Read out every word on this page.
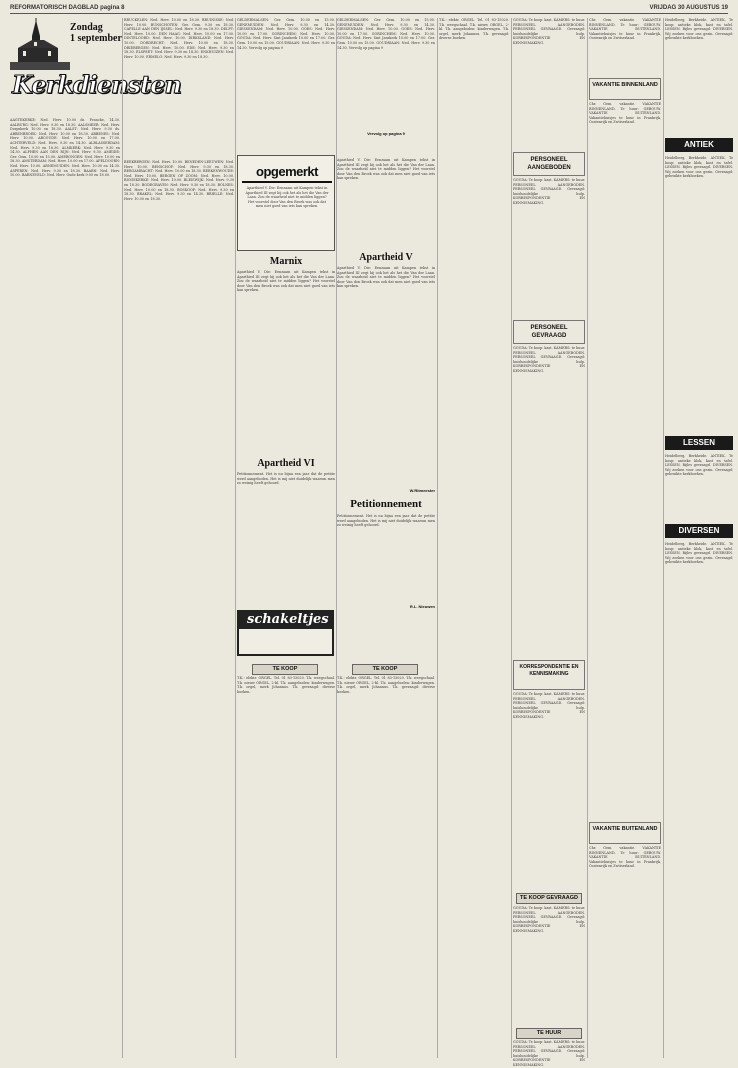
REFORMATORISCH DAGBLAD pagina 8	VRIJDAG 30 AUGUSTUS 19
Zondag
1 september
Kerkdiensten
AAGTEKERKE: Ned. Herv. 10.00 ds. Francke, 14.30. AALBURG: Ned. Herv. 9.30 en 18.30. AALSMEER: Ned. Herv. Dorpskerk 10.00 en 18.30. AALST: Ned. Herv. 9.30 ds. ABBENBROEK: Ned. Herv. 10.00 en 18.30. ABBENES: Ned. Herv. 10.00. ABCOUDE: Ned. Herv. 10.00 en 17.00. ACHTERVELD: Ned. Herv. 9.30 en 14.30. ALBLASSERDAM: Ned. Herv. 9.30 en 18.30. ALMKERK: Ned. Herv. 9.30 en 14.30. ALPHEN AAN DEN RIJN: Ned. Herv. 9.30. AMEIDE: Ger. Gem. 10.00 en 15.00. AMERONGEN: Ned. Herv. 10.00 en 18.30. AMSTERDAM: Ned. Herv. 10.00 en 17.00. APELDOORN: Ned. Herv. 10.00. ARNEMUIDEN: Ned. Herv. 10.00 en 14.30. ASPEREN: Ned. Herv. 9.30 en 18.30. BAARN: Ned. Herv. 10.00. BARNEVELD: Ned. Herv. Oude kerk 9.00 en 18.00.
BEEKBERGEN: Ned. Herv. 10.00. BENEDEN-LEEUWEN: Ned. Herv. 10.00. BENSCHOP: Ned. Herv. 9.30 en 18.30. BERGAMBACHT: Ned. Herv. 10.00 en 18.30. BERKENWOUDE: Ned. Herv. 10.00. BERGEN OP ZOOM: Ned. Herv. 10.00. BIGGEKERKE: Ned. Herv. 10.00. BLEISWIJK: Ned. Herv. 9.30 en 18.30. BODEGRAVEN: Ned. Herv. 9.30 en 18.30. BOLNES: Ned. Herv. 10.00 en 18.30. BOSKOOP: Ned. Herv. 9.30 en 18.30. BRAKEL: Ned. Herv. 9.30 en 14.30. BRIELLE: Ned. Herv. 10.00 en 18.30.
BRUCKELEN: Ned. Herv. 10.00 en 18.30. BRUINISSE: Ned. Herv. 10.00. BUNSCHOTEN: Ger. Gem. 9.30 en 18.30. CAPELLE AAN DEN IJSSEL: Ned. Herv. 9.30 en 18.30. DELFT: Ned. Herv. 10.00. DEN HAAG: Ned. Herv. 10.00 en 17.00. DINTELOORD: Ned. Herv. 10.00. DIRKSLAND: Ned. Herv. 10.00. DORDRECHT: Ned. Herv. 10.00 en 18.30. DRIEBERGEN: Ned. Herv. 10.00. EDE: Ned. Herv. 9.30 en 18.30. ELSPEET: Ned. Herv. 9.30 en 14.30. ENKHUIZEN: Ned. Herv. 10.00. ERMELO: Ned. Herv. 9.30 en 18.30.
GELDERMALSEN: Ger. Gem. 10.00 en 15.00. GENEMUIDEN: Ned. Herv. 9.30 en 14.30. GIESSENDAM: Ned. Herv. 10.00. GOES: Ned. Herv. 10.00 en 17.00. GORINCHEM: Ned. Herv. 10.00. GOUDA: Ned. Herv. Sint Janskerk 10.00 en 17.00. Ger. Gem. 10.00 en 15.00. GOUDRIAAN: Ned. Herv. 9.30 en 14.30. Vervolg op pagina 9
GELDERMALSEN: Ger. Gem. 10.00 en 15.00. GENEMUIDEN: Ned. Herv. 9.30 en 14.30. GIESSENDAM: Ned. Herv. 10.00. GOES: Ned. Herv. 10.00 en 17.00. GORINCHEM: Ned. Herv. 10.00. GOUDA: Ned. Herv. Sint Janskerk 10.00 en 17.00. Ger. Gem. 10.00 en 15.00. GOUDRIAAN: Ned. Herv. 9.30 en 14.30. Vervolg op pagina 9
Vervolg op pagina 9
opgemerkt
Aparthied V. Die: Eenzaam uit Kampen tekst in Aparthied III zegt hij ook het als het die Van der Laan. Zou de waarheid niet te midden liggen? Het voorstel door Van den Broek was ook dat men niet goed van iets kan spreken.
Marnix
Aparthied V. Die: Eenzaam uit Kampen tekst in Aparthied III zegt hij ook het als het die Van der Laan. Zou de waarheid niet te midden liggen? Het voorstel door Van den Broek was ook dat men niet goed van iets kan spreken.
Apartheid VI
Petitionnement. Het is nu bijna een jaar dat de petitie werd aangeboden. Het is mij niet duidelijk waarom men zo weinig heeft gehoord.
Aparthied V. Die: Eenzaam uit Kampen tekst in Aparthied III zegt hij ook het als het die Van der Laan. Zou de waarheid niet te midden liggen? Het voorstel door Van den Broek was ook dat men niet goed van iets kan spreken.
Apartheid V
Aparthied V. Die: Eenzaam uit Kampen tekst in Aparthied III zegt hij ook het als het die Van der Laan. Zou de waarheid niet te midden liggen? Het voorstel door Van den Broek was ook dat men niet goed van iets kan spreken.
W.Ritmeester
Petitionnement
Petitionnement. Het is nu bijna een jaar dat de petitie werd aangeboden. Het is mij niet duidelijk waarom men zo weinig heeft gehoord.
R.L. Nieuwen
schakeltjes
TE KOOP
T.K.: elektr. ORGEL. Tel. 01 83-15020. T.k. weegschaal. T.k. nieuw ORGEL, 2-kl. T.k. aangeboden: kinderwagen. T.k. orgel, merk Johannus. T.k. gevraagd: diverse boeken.
TE KOOP
T.K.: elektr. ORGEL. Tel. 01 83-15020. T.k. weegschaal. T.k. nieuw ORGEL, 2-kl. T.k. aangeboden: kinderwagen. T.k. orgel, merk Johannus. T.k. gevraagd: diverse boeken.
T.K.: elektr. ORGEL. Tel. 01 83-15020. T.k. weegschaal. T.k. nieuw ORGEL, 2-kl. T.k. aangeboden: kinderwagen. T.k. orgel, merk Johannus. T.k. gevraagd: diverse boeken.
GOUDA: Te koop: kast. KAMERS: te huur. PERSONEEL AANGEBODEN. PERSONEEL GEVRAAGD. Gevraagd: huishoudelijke hulp. KORRESPONDENTIE EN KENNISMAKING.
PERSONEEL AANGEBODEN
GOUDA: Te koop: kast. KAMERS: te huur. PERSONEEL AANGEBODEN. PERSONEEL GEVRAAGD. Gevraagd: huishoudelijke hulp. KORRESPONDENTIE EN KENNISMAKING.
PERSONEEL GEVRAAGD
GOUDA: Te koop: kast. KAMERS: te huur. PERSONEEL AANGEBODEN. PERSONEEL GEVRAAGD. Gevraagd: huishoudelijke hulp. KORRESPONDENTIE EN KENNISMAKING.
KORRESPONDENTIE EN KENNISMAKING
GOUDA: Te koop: kast. KAMERS: te huur. PERSONEEL AANGEBODEN. PERSONEEL GEVRAAGD. Gevraagd: huishoudelijke hulp. KORRESPONDENTIE EN KENNISMAKING.
TE KOOP GEVRAAGD
GOUDA: Te koop: kast. KAMERS: te huur. PERSONEEL AANGEBODEN. PERSONEEL GEVRAAGD. Gevraagd: huishoudelijke hulp. KORRESPONDENTIE EN KENNISMAKING.
TE HUUR
GOUDA: Te koop: kast. KAMERS: te huur. PERSONEEL AANGEBODEN. PERSONEEL GEVRAAGD. Gevraagd: huishoudelijke hulp. KORRESPONDENTIE EN KENNISMAKING.
Chr. Gem. vakantie. VAKANTIE BINNENLAND. Te huur: GEBOUW. VAKANTIE BUITENLAND. Vakantiehuisjes te huur in Frankrijk, Oostenrijk en Zwitserland.
VAKANTIE BINNENLAND
Chr. Gem. vakantie. VAKANTIE BINNENLAND. Te huur: GEBOUW. VAKANTIE BUITENLAND. Vakantiehuisjes te huur in Frankrijk, Oostenrijk en Zwitserland.
VAKANTIE BUITENLAND
Chr. Gem. vakantie. VAKANTIE BINNENLAND. Te huur: GEBOUW. VAKANTIE BUITENLAND. Vakantiehuisjes te huur in Frankrijk, Oostenrijk en Zwitserland.
Heidelberg, Berkheide. ANTIEK. Te koop: antieke klok, kast en tafel. LESSEN. Bijles gevraagd. DIVERSEN. Wij zoeken voor ons gezin. Gevraagd: gebruikte kerkboeken.
ANTIEK
Heidelberg, Berkheide. ANTIEK. Te koop: antieke klok, kast en tafel. LESSEN. Bijles gevraagd. DIVERSEN. Wij zoeken voor ons gezin. Gevraagd: gebruikte kerkboeken.
LESSEN
Heidelberg, Berkheide. ANTIEK. Te koop: antieke klok, kast en tafel. LESSEN. Bijles gevraagd. DIVERSEN. Wij zoeken voor ons gezin. Gevraagd: gebruikte kerkboeken.
DIVERSEN
Heidelberg, Berkheide. ANTIEK. Te koop: antieke klok, kast en tafel. LESSEN. Bijles gevraagd. DIVERSEN. Wij zoeken voor ons gezin. Gevraagd: gebruikte kerkboeken.
